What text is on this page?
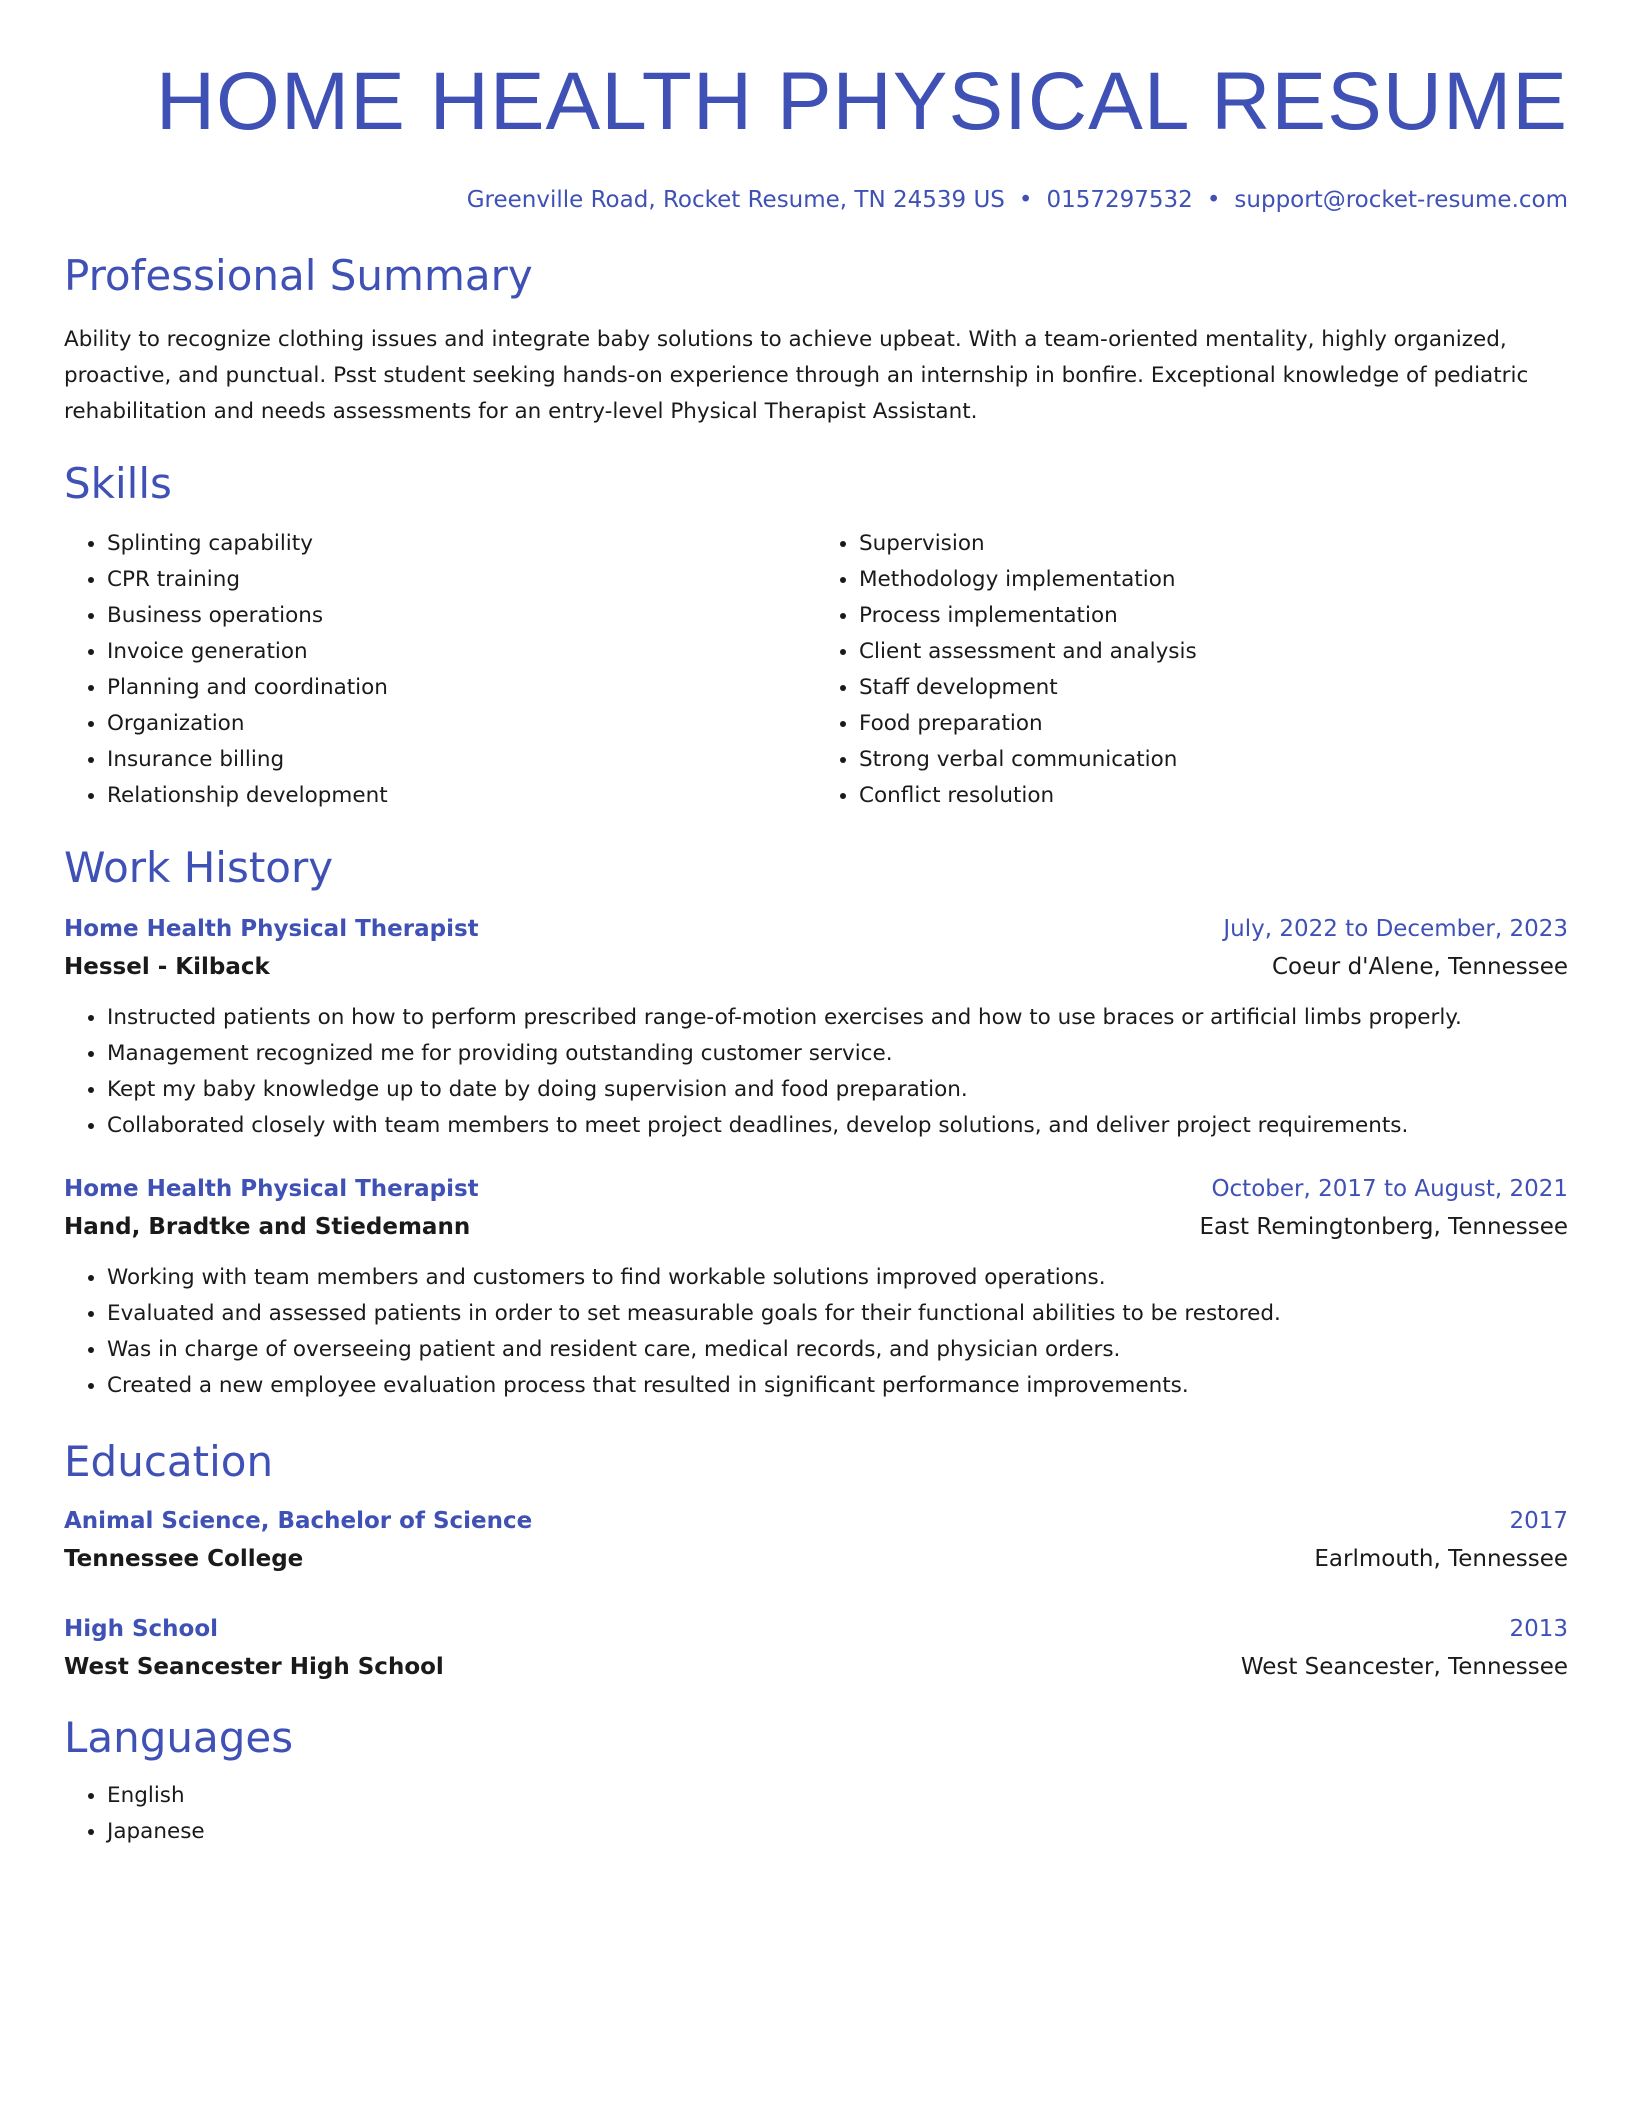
HOME HEALTH PHYSICAL RESUME
Greenville Road, Rocket Resume, TN 24539 US • 0157297532 • support@rocket-resume.com
Professional Summary

Ability to recognize clothing issues and integrate baby solutions to achieve upbeat. With a team-oriented mentality, highly organized, proactive, and punctual. Psst student seeking hands-on experience through an internship in bonfire. Exceptional knowledge of pediatric rehabilitation and needs assessments for an entry-level Physical Therapist Assistant.

Skills
• Splinting capability
• CPR training
• Business operations
• Invoice generation
• Planning and coordination
• Organization
• Insurance billing
• Relationship development
• Supervision
• Methodology implementation
• Process implementation
• Client assessment and analysis
• Staff development
• Food preparation
• Strong verbal communication
• Conflict resolution
Work History
Home Health Physical Therapist	July, 2022 to December, 2023
Hessel - Kilback	Coeur d'Alene, Tennessee
• Instructed patients on how to perform prescribed range-of-motion exercises and how to use braces or artificial limbs properly.
• Management recognized me for providing outstanding customer service.
• Kept my baby knowledge up to date by doing supervision and food preparation.
• Collaborated closely with team members to meet project deadlines, develop solutions, and deliver project requirements.
Home Health Physical Therapist	October, 2017 to August, 2021
Hand, Bradtke and Stiedemann	East Remingtonberg, Tennessee
• Working with team members and customers to find workable solutions improved operations.
• Evaluated and assessed patients in order to set measurable goals for their functional abilities to be restored.
• Was in charge of overseeing patient and resident care, medical records, and physician orders.
• Created a new employee evaluation process that resulted in significant performance improvements.
Education
Animal Science, Bachelor of Science	2017
Tennessee College	Earlmouth, Tennessee
High School	2013
West Seancester High School	West Seancester, Tennessee
Languages
• English
• Japanese
